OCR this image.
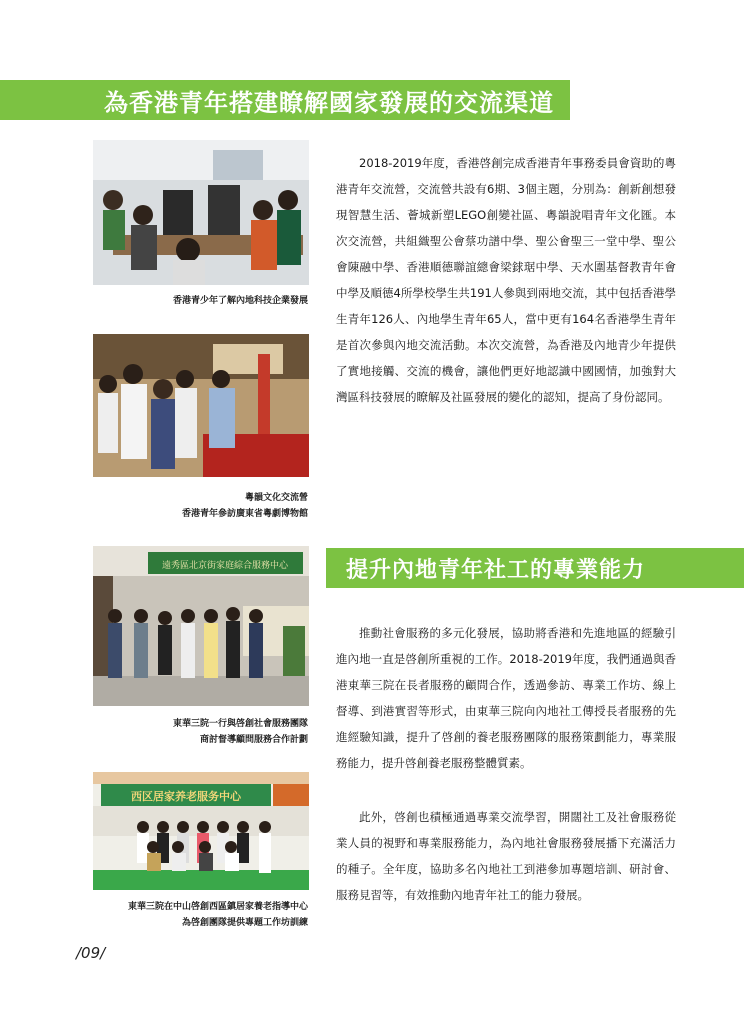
為香港青年搭建瞭解國家發展的交流渠道
香港青少年了解內地科技企業發展
粵韻文化交流營
香港青年參訪廣東省粵劇博物館

2018-2019年度，香港啓創完成香港青年事務委員會資助的粵港青年交流營，交流營共設有6期、3個主題，分別為：創新創想發現智慧生活、薈城新塑LEGO創變社區、粵韻說唱青年文化匯。本次交流營，共組織聖公會蔡功譜中學、聖公會聖三一堂中學、聖公會陳融中學、香港順德聯誼總會梁銶琚中學、天水圍基督教青年會中學及順德4所學校學生共191人參與到兩地交流，其中包括香港學生青年126人、內地學生青年65人，當中更有164名香港學生青年是首次參與內地交流活動。本次交流營，為香港及內地青少年提供了實地接觸、交流的機會，讓他們更好地認識中國國情，加強對大灣區科技發展的瞭解及社區發展的變化的認知，提高了身份認同。

提升內地青年社工的專業能力
遠秀區北京街家庭綜合服務中心
東華三院一行與啓創社會服務團隊
商討督導顧問服務合作計劃
西区居家养老服务中心
東華三院在中山啓創西區鎮居家養老指導中心
為啓創團隊提供專題工作坊訓練

推動社會服務的多元化發展，協助將香港和先進地區的經驗引進內地一直是啓創所重視的工作。2018-2019年度，我們通過與香港東華三院在長者服務的顧問合作，透過參訪、專業工作坊、線上督導、到港實習等形式，由東華三院向內地社工傳授長者服務的先進經驗知識，提升了啓創的養老服務團隊的服務策劃能力，專業服務能力，提升啓創養老服務整體質素。

此外，啓創也積極通過專業交流學習，開闊社工及社會服務從業人員的視野和專業服務能力，為內地社會服務發展播下充滿活力的種子。全年度，協助多名內地社工到港參加專題培訓、研討會、服務見習等，有效推動內地青年社工的能力發展。

/09/
